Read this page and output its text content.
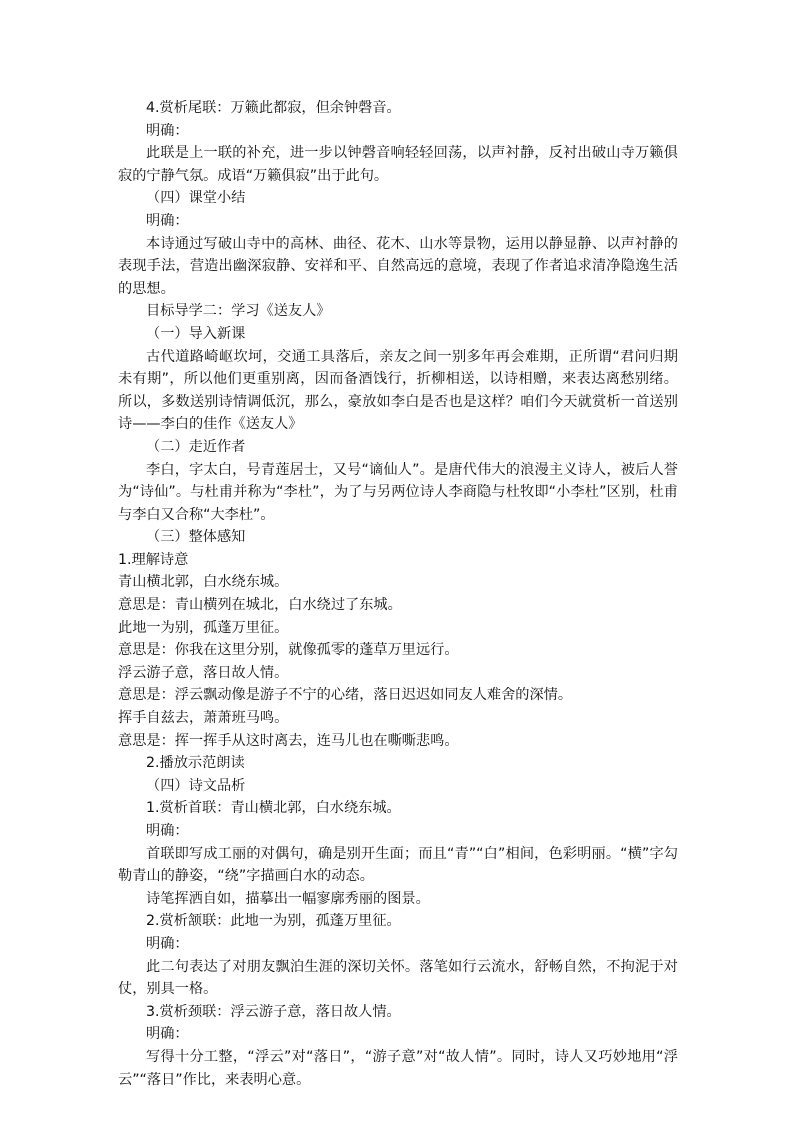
4.赏析尾联：万籁此都寂，但余钟磬音。
明确：
此联是上一联的补充，进一步以钟磬音响轻轻回荡，以声衬静，反衬出破山寺万籁俱寂的宁静气氛。成语“万籁俱寂”出于此句。
（四）课堂小结
明确：
本诗通过写破山寺中的高林、曲径、花木、山水等景物，运用以静显静、以声衬静的表现手法，营造出幽深寂静、安祥和平、自然高远的意境，表现了作者追求清净隐逸生活的思想。
目标导学二：学习《送友人》
（一）导入新课
古代道路崎岖坎坷，交通工具落后，亲友之间一别多年再会难期，正所谓“君问归期未有期”，所以他们更重别离，因而备酒饯行，折柳相送，以诗相赠，来表达离愁别绪。所以，多数送别诗情调低沉，那么，豪放如李白是否也是这样？咱们今天就赏析一首送别诗——李白的佳作《送友人》
（二）走近作者
李白，字太白，号青莲居士，又号“谪仙人”。是唐代伟大的浪漫主义诗人，被后人誉为“诗仙”。与杜甫并称为“李杜”，为了与另两位诗人李商隐与杜牧即“小李杜”区别，杜甫与李白又合称“大李杜”。
（三）整体感知
1.理解诗意
青山横北郭，白水绕东城。
意思是：青山横列在城北，白水绕过了东城。
此地一为别，孤蓬万里征。
意思是：你我在这里分别，就像孤零的蓬草万里远行。
浮云游子意，落日故人情。
意思是：浮云飘动像是游子不宁的心绪，落日迟迟如同友人难舍的深情。
挥手自兹去，萧萧班马鸣。
意思是：挥一挥手从这时离去，连马儿也在嘶嘶悲鸣。
2.播放示范朗读
（四）诗文品析
1.赏析首联：青山横北郭，白水绕东城。
明确：
首联即写成工丽的对偶句，确是别开生面；而且“青”“白”相间，色彩明丽。“横”字勾勒青山的静姿，“绕”字描画白水的动态。
诗笔挥洒自如，描摹出一幅寥廓秀丽的图景。
2.赏析颔联：此地一为别，孤蓬万里征。
明确：
此二句表达了对朋友飘泊生涯的深切关怀。落笔如行云流水，舒畅自然，不拘泥于对仗，别具一格。
3.赏析颈联：浮云游子意，落日故人情。
明确：
写得十分工整，“浮云”对“落日”，“游子意”对“故人情”。同时，诗人又巧妙地用“浮云”“落日”作比，来表明心意。
